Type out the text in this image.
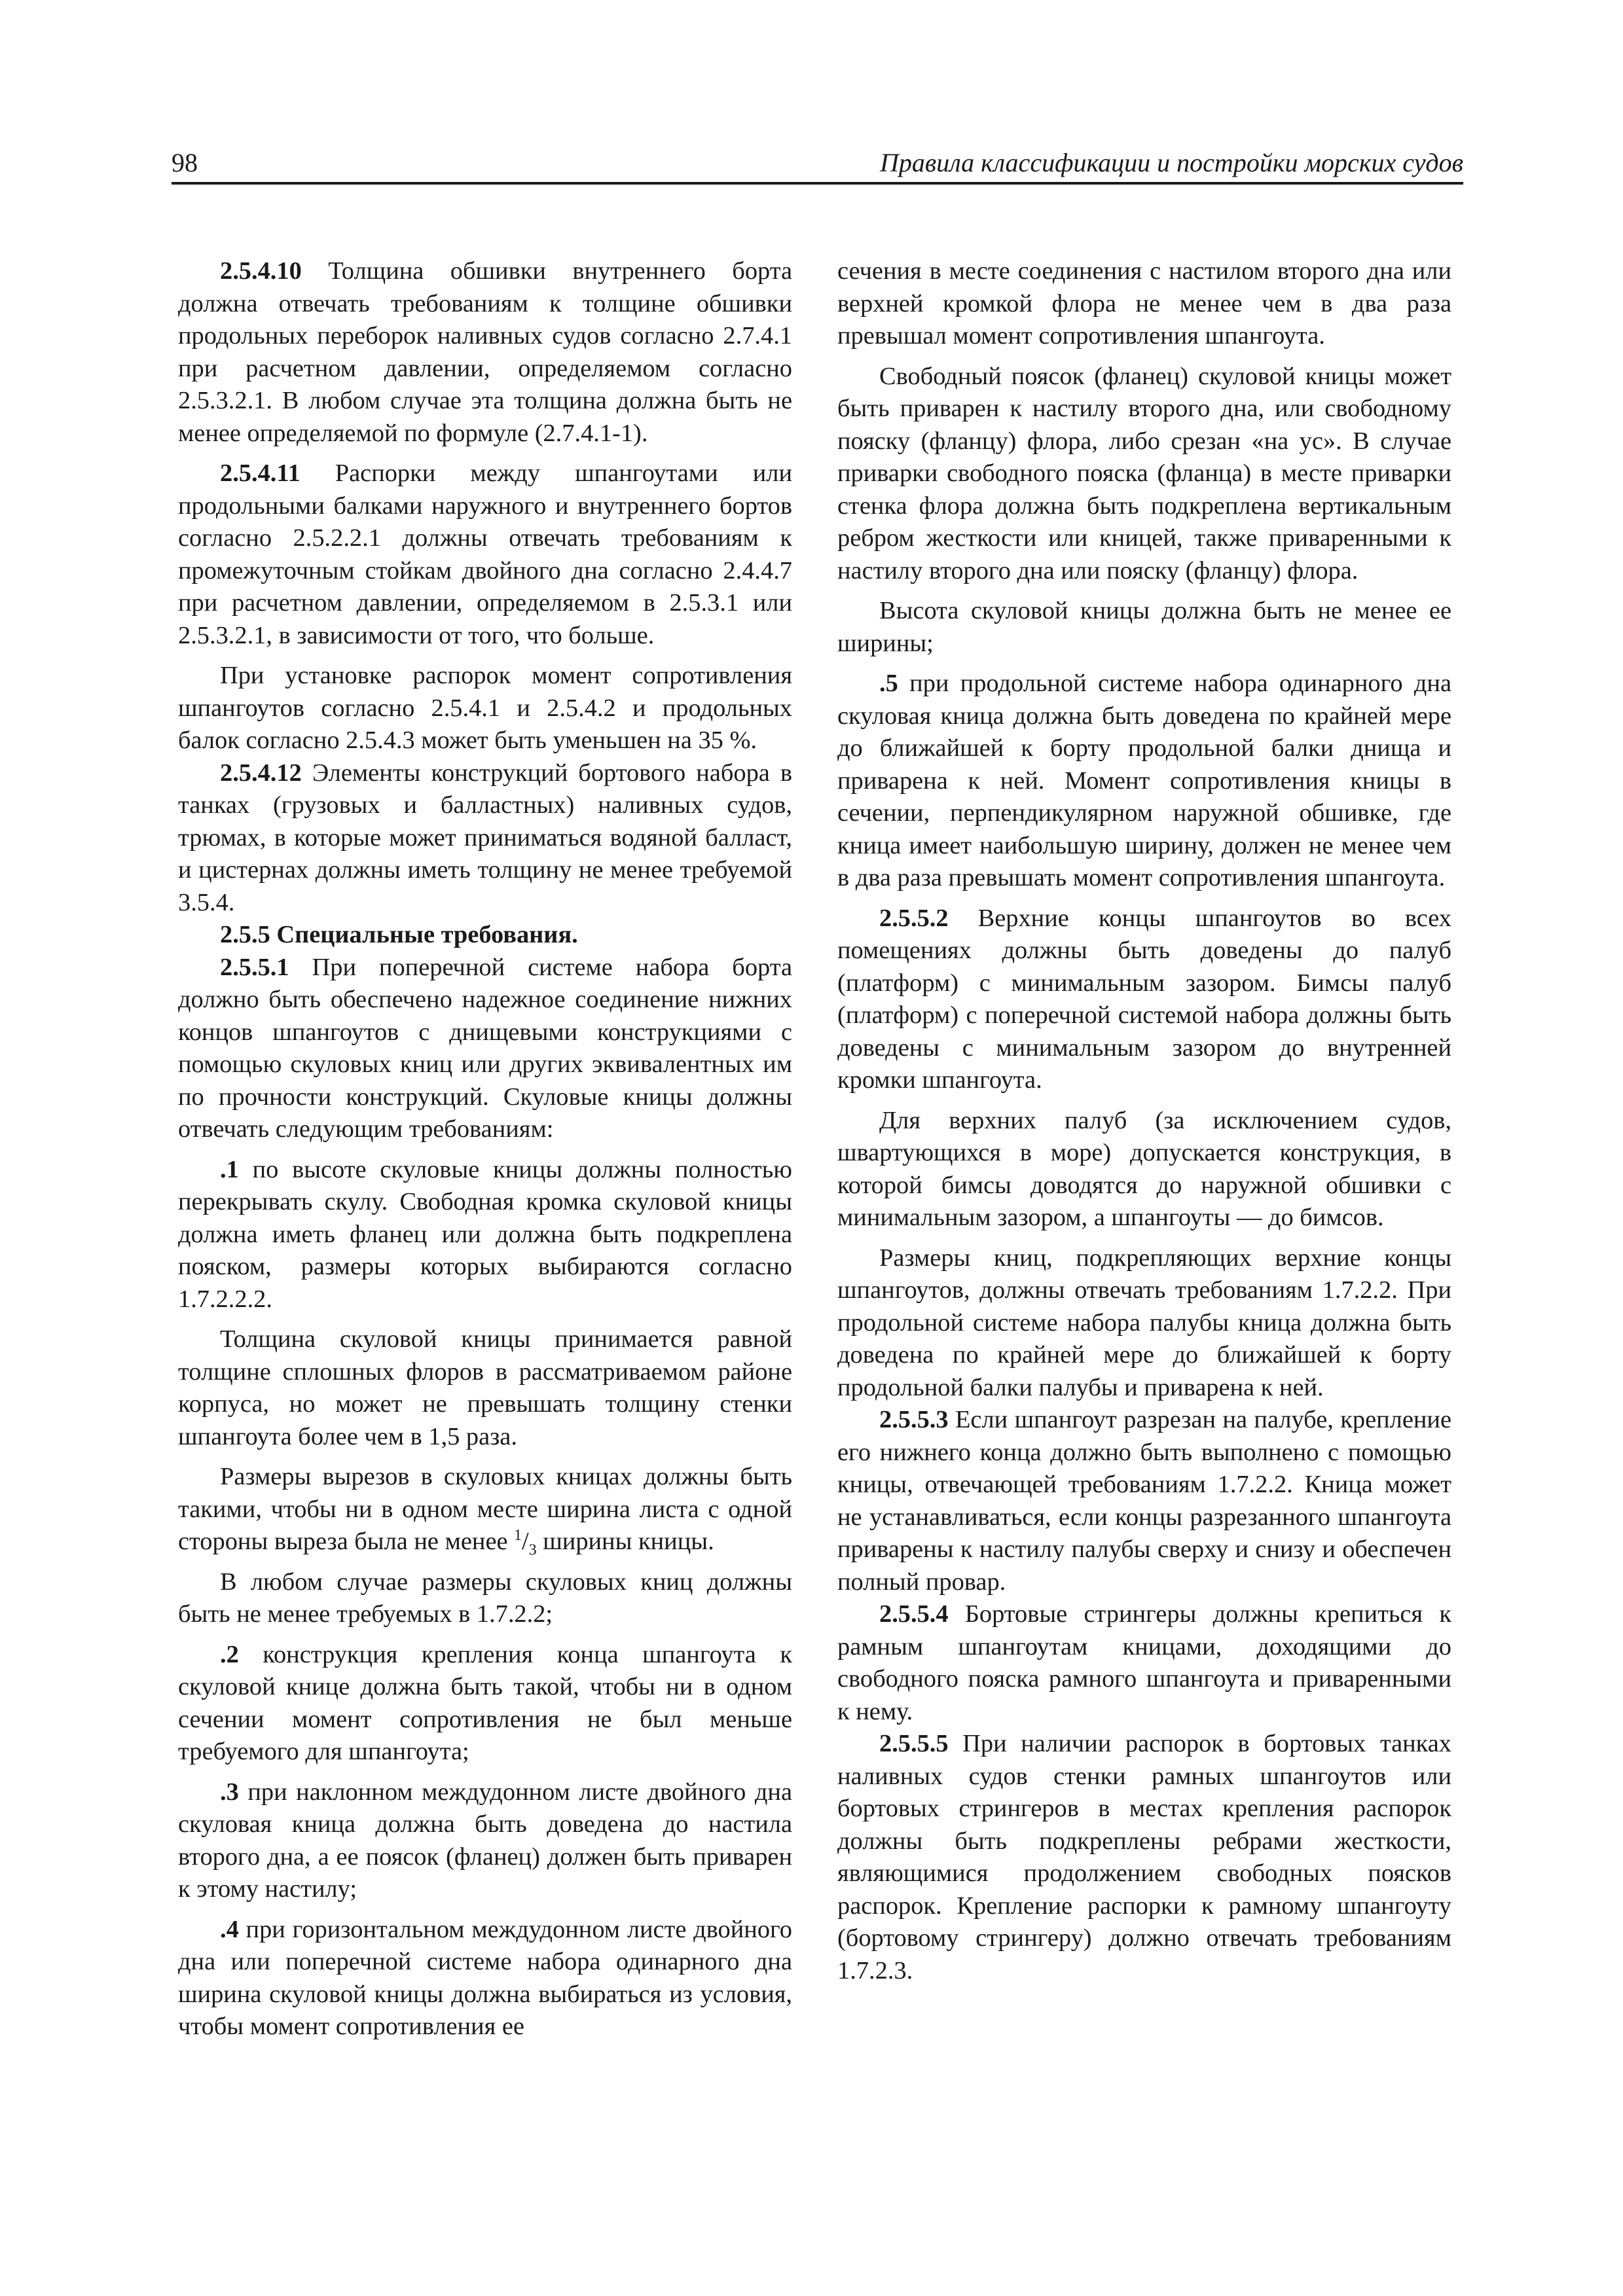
98	Правила классификации и постройки морских судов

2.5.4.10 Толщина обшивки внутреннего борта должна отвечать требованиям к толщине обшивки продольных переборок наливных судов согласно 2.7.4.1 при расчетном давлении, определяемом согласно 2.5.3.2.1. В любом случае эта толщина должна быть не менее определяемой по формуле (2.7.4.1-1).

2.5.4.11 Распорки между шпангоутами или продольными балками наружного и внутреннего бортов согласно 2.5.2.2.1 должны отвечать требованиям к промежуточным стойкам двойного дна согласно 2.4.4.7 при расчетном давлении, определяемом в 2.5.3.1 или 2.5.3.2.1, в зависимости от того, что больше.

При установке распорок момент сопротивления шпангоутов согласно 2.5.4.1 и 2.5.4.2 и продольных балок согласно 2.5.4.3 может быть уменьшен на 35 %.

2.5.4.12 Элементы конструкций бортового набора в танках (грузовых и балластных) наливных судов, трюмах, в которые может приниматься водяной балласт, и цистернах должны иметь толщину не менее требуемой 3.5.4.

2.5.5 Специальные требования.

2.5.5.1 При поперечной системе набора борта должно быть обеспечено надежное соединение нижних концов шпангоутов с днищевыми конструкциями с помощью скуловых книц или других эквивалентных им по прочности конструкций. Скуловые кницы должны отвечать следующим требованиям:

.1 по высоте скуловые кницы должны полностью перекрывать скулу. Свободная кромка скуловой кницы должна иметь фланец или должна быть подкреплена пояском, размеры которых выбираются согласно 1.7.2.2.2.

Толщина скуловой кницы принимается равной толщине сплошных флоров в рассматриваемом районе корпуса, но может не превышать толщину стенки шпангоута более чем в 1,5 раза.

Размеры вырезов в скуловых кницах должны быть такими, чтобы ни в одном месте ширина листа с одной стороны выреза была не менее $^1/_3$ ширины кницы.

В любом случае размеры скуловых книц должны быть не менее требуемых в 1.7.2.2;

.2 конструкция крепления конца шпангоута к скуловой книце должна быть такой, чтобы ни в одном сечении момент сопротивления не был меньше требуемого для шпангоута;

.3 при наклонном междудонном листе двойного дна скуловая кница должна быть доведена до настила второго дна, а ее поясок (фланец) должен быть приварен к этому настилу;

.4 при горизонтальном междудонном листе двойного дна или поперечной системе набора одинарного дна ширина скуловой кницы должна выбираться из условия, чтобы момент сопротивления ее

сечения в месте соединения с настилом второго дна или верхней кромкой флора не менее чем в два раза превышал момент сопротивления шпангоута.

Свободный поясок (фланец) скуловой кницы может быть приварен к настилу второго дна, или свободному пояску (фланцу) флора, либо срезан «на ус». В случае приварки свободного пояска (фланца) в месте приварки стенка флора должна быть подкреплена вертикальным ребром жесткости или кницей, также приваренными к настилу второго дна или пояску (фланцу) флора.

Высота скуловой кницы должна быть не менее ее ширины;

.5 при продольной системе набора одинарного дна скуловая кница должна быть доведена по крайней мере до ближайшей к борту продольной балки днища и приварена к ней. Момент сопротивления кницы в сечении, перпендикулярном наружной обшивке, где кница имеет наибольшую ширину, должен не менее чем в два раза превышать момент сопротивления шпангоута.

2.5.5.2 Верхние концы шпангоутов во всех помещениях должны быть доведены до палуб (платформ) с минимальным зазором. Бимсы палуб (платформ) с поперечной системой набора должны быть доведены с минимальным зазором до внутренней кромки шпангоута.

Для верхних палуб (за исключением судов, швартующихся в море) допускается конструкция, в которой бимсы доводятся до наружной обшивки с минимальным зазором, а шпангоуты — до бимсов.

Размеры книц, подкрепляющих верхние концы шпангоутов, должны отвечать требованиям 1.7.2.2. При продольной системе набора палубы кница должна быть доведена по крайней мере до ближайшей к борту продольной балки палубы и приварена к ней.

2.5.5.3 Если шпангоут разрезан на палубе, крепление его нижнего конца должно быть выполнено с помощью кницы, отвечающей требованиям 1.7.2.2. Кница может не устанавливаться, если концы разрезанного шпангоута приварены к настилу палубы сверху и снизу и обеспечен полный провар.

2.5.5.4 Бортовые стрингеры должны крепиться к рамным шпангоутам кницами, доходящими до свободного пояска рамного шпангоута и приваренными к нему.

2.5.5.5 При наличии распорок в бортовых танках наливных судов стенки рамных шпангоутов или бортовых стрингеров в местах крепления распорок должны быть подкреплены ребрами жесткости, являющимися продолжением свободных поясков распорок. Крепление распорки к рамному шпангоуту (бортовому стрингеру) должно отвечать требованиям 1.7.2.3.
